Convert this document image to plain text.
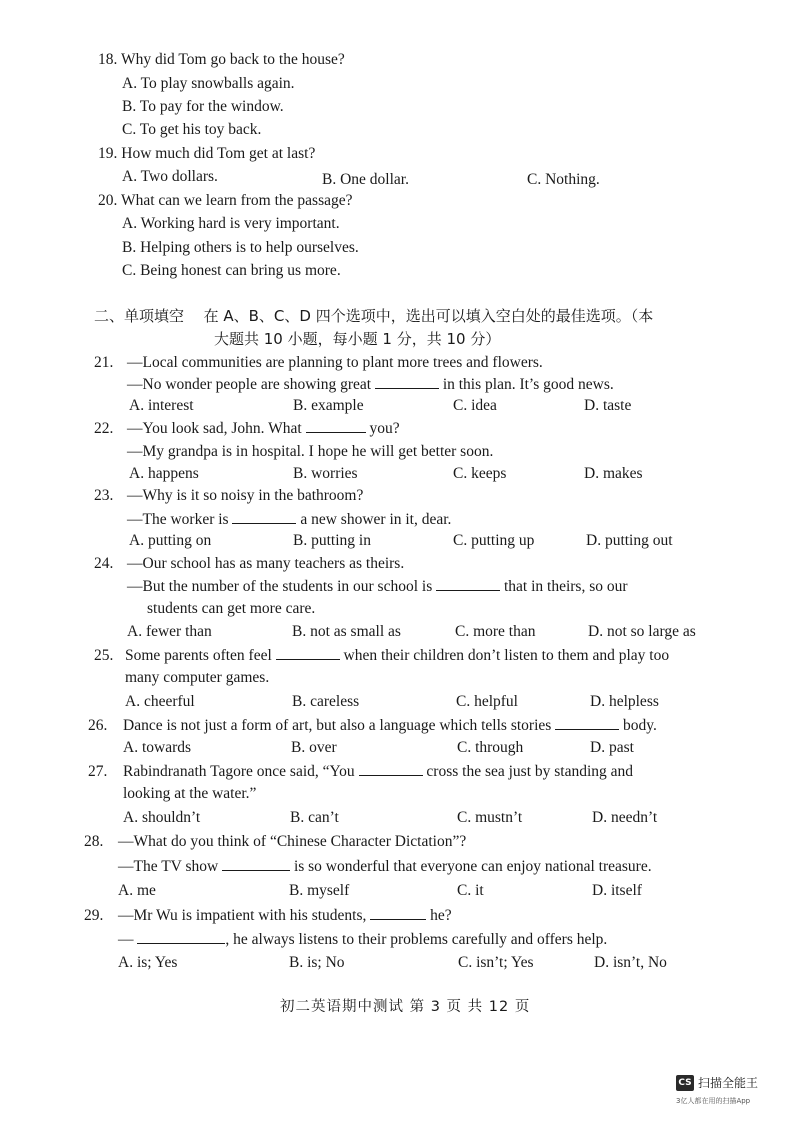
18. Why did Tom go back to the house?
A. To play snowballs again.
B. To pay for the window.
C. To get his toy back.
19. How much did Tom get at last?
A. Two dollars.	B. One dollar.	C. Nothing.
20. What can we learn from the passage?
A. Working hard is very important.
B. Helping others is to help ourselves.
C. Being honest can bring us more.
二、单项填空 在 A、B、C、D 四个选项中，选出可以填入空白处的最佳选项。（本
大题共 10 小题，每小题 1 分，共 10 分）
21. —Local communities are planning to plant more trees and flowers.
—No wonder people are showing great	in this plan. It’s good news.
A. interest	B. example	C. idea	D. taste
22. —You look sad, John. What	you?
—My grandpa is in hospital. I hope he will get better soon.
A. happens	B. worries	C. keeps	D. makes
23. —Why is it so noisy in the bathroom?
—The worker is	a new shower in it, dear.
A. putting on	B. putting in	C. putting up	D. putting out
24. —Our school has as many teachers as theirs.
—But the number of the students in our school is	that in theirs, so our
students can get more care.
A. fewer than	B. not as small as	C. more than	D. not so large as
25. Some parents often feel	when their children don’t listen to them and play too
many computer games.
A. cheerful	B. careless	C. helpful	D. helpless
26. Dance is not just a form of art, but also a language which tells stories	body.
A. towards	B. over	C. through	D. past
27. Rabindranath Tagore once said, “You	cross the sea just by standing and
looking at the water.”
A. shouldn’t	B. can’t	C. mustn’t	D. needn’t
28. —What do you think of “Chinese Character Dictation”?
—The TV show	is so wonderful that everyone can enjoy national treasure.
A. me	B. myself	C. it	D. itself
29. —Mr Wu is impatient with his students,	he?
—	, he always listens to their problems carefully and offers help.
A. is; Yes	B. is; No	C. isn’t; Yes	D. isn’t, No
初二英语期中测试 第 3 页 共 12 页
CS 扫描全能王
3亿人都在用的扫描App
